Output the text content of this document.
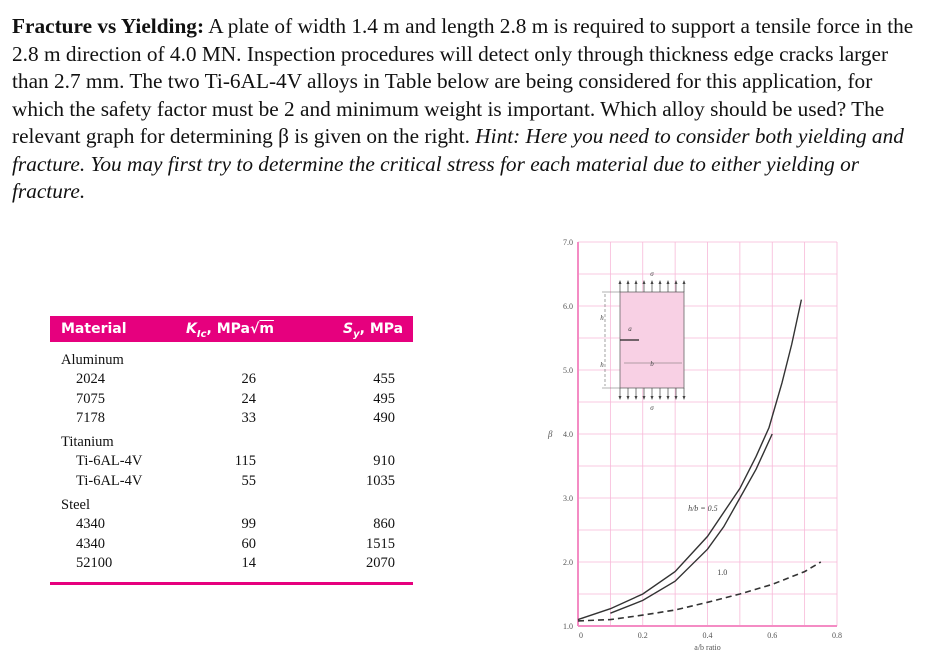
Fracture vs Yielding: A plate of width 1.4 m and length 2.8 m is required to support a tensile force in the 2.8 m direction of 4.0 MN. Inspection procedures will detect only through thickness edge cracks larger than 2.7 mm. The two Ti-6AL-4V alloys in Table below are being considered for this application, for which the safety factor must be 2 and minimum weight is important. Which alloy should be used? The relevant graph for determining β is given on the right. Hint: Here you need to consider both yielding and fracture. You may first try to determine the critical stress for each material due to either yielding or fracture.
Material	$K_{Ic}$, MPa√m	$S_y$, MPa
Aluminum
2024	26	455
7075	24	495
7178	33	490
Titanium
Ti-6AL-4V	115	910
Ti-6AL-4V	55	1035
Steel
4340	99	860
4340	60	1515
52100	14	2070
1.0
2.0
3.0
4.0
5.0
6.0
7.0
0	0.2	0.4	0.6	0.8
a/b ratio
β
h/b = 0.5
1.0
σ
σ
h
h
a
b
